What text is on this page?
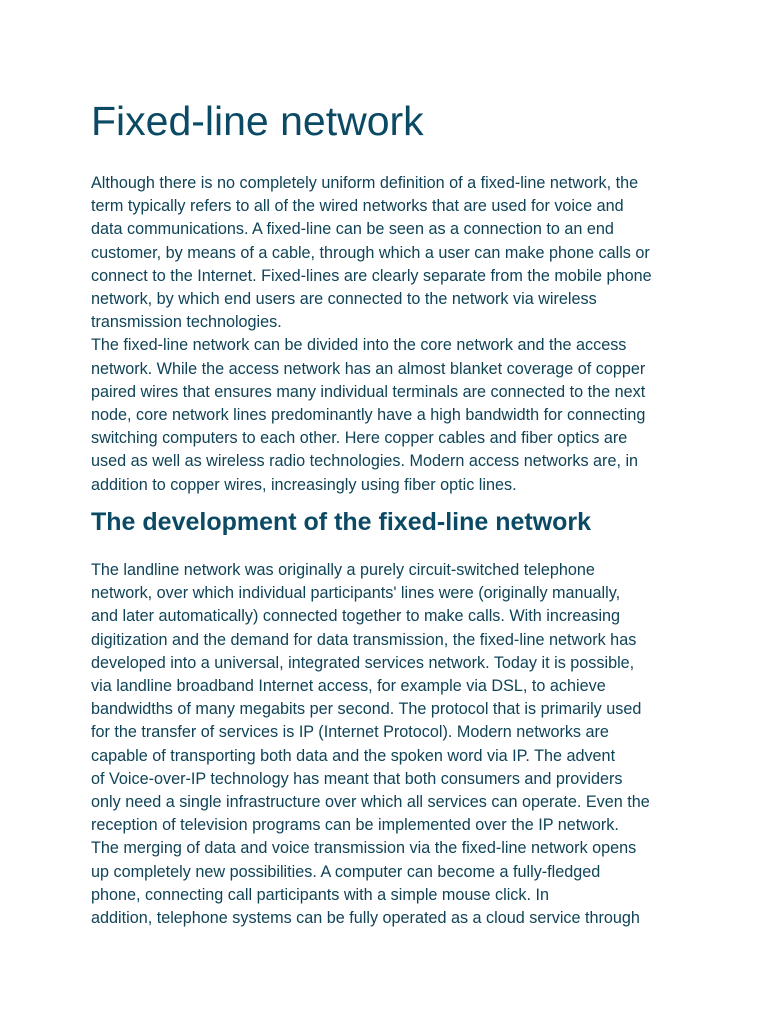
Fixed-line network
Although there is no completely uniform definition of a fixed-line network, the
term typically refers to all of the wired networks that are used for voice and
data communications. A fixed-line can be seen as a connection to an end
customer, by means of a cable, through which a user can make phone calls or
connect to the Internet. Fixed-lines are clearly separate from the mobile phone
network, by which end users are connected to the network via wireless
transmission technologies.
The fixed-line network can be divided into the core network and the access
network. While the access network has an almost blanket coverage of copper
paired wires that ensures many individual terminals are connected to the next
node, core network lines predominantly have a high bandwidth for connecting
switching computers to each other. Here copper cables and fiber optics are
used as well as wireless radio technologies. Modern access networks are, in
addition to copper wires, increasingly using fiber optic lines.
The development of the fixed-line network
The landline network was originally a purely circuit-switched telephone
network, over which individual participants' lines were (originally manually,
and later automatically) connected together to make calls. With increasing
digitization and the demand for data transmission, the fixed-line network has
developed into a universal, integrated services network. Today it is possible,
via landline broadband Internet access, for example via DSL, to achieve
bandwidths of many megabits per second. The protocol that is primarily used
for the transfer of services is IP (Internet Protocol). Modern networks are
capable of transporting both data and the spoken word via IP. The advent
of Voice-over-IP technology has meant that both consumers and providers
only need a single infrastructure over which all services can operate. Even the
reception of television programs can be implemented over the IP network.
The merging of data and voice transmission via the fixed-line network opens
up completely new possibilities. A computer can become a fully-fledged
phone, connecting call participants with a simple mouse click. In
addition, telephone systems can be fully operated as a cloud service through
